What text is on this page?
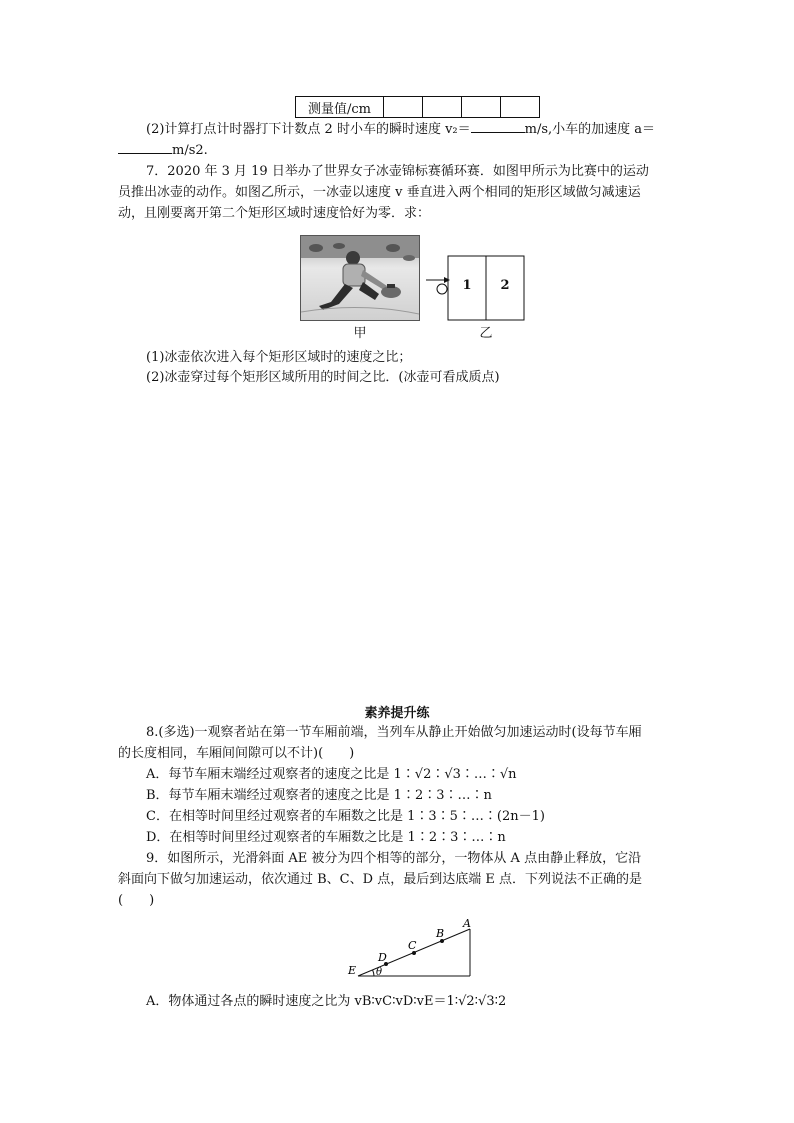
测量值/cm				
(2)计算打点计时器打下计数点 2 时小车的瞬时速度 v₂＝	m/s,小车的加速度 a＝
m/s2.
7．2020 年 3 月 19 日举办了世界女子冰壶锦标赛循环赛．如图甲所示为比赛中的运动
员推出冰壶的动作。如图乙所示，一冰壶以速度 v 垂直进入两个相同的矩形区域做匀减速运
动，且刚要离开第二个矩形区域时速度恰好为零．求：
甲
1	2
乙
(1)冰壶依次进入每个矩形区域时的速度之比；
(2)冰壶穿过每个矩形区域所用的时间之比．(冰壶可看成质点)
素养提升练
8.(多选)一观察者站在第一节车厢前端，当列车从静止开始做匀加速运动时(设每节车厢
的长度相同，车厢间间隙可以不计)(　　)
A．每节车厢末端经过观察者的速度之比是 1∶√2∶√3∶…∶√n
B．每节车厢末端经过观察者的速度之比是 1∶2∶3∶…∶n
C．在相等时间里经过观察者的车厢数之比是 1∶3∶5∶…∶(2n－1)
D．在相等时间里经过观察者的车厢数之比是 1∶2∶3∶…∶n
9．如图所示，光滑斜面 AE 被分为四个相等的部分，一物体从 A 点由静止释放，它沿
斜面向下做匀加速运动，依次通过 B、C、D 点，最后到达底端 E 点．下列说法不正确的是
(　　)
A
B
C
D
E θ
A．物体通过各点的瞬时速度之比为 vB∶vC∶vD∶vE＝1∶√2∶√3∶2
